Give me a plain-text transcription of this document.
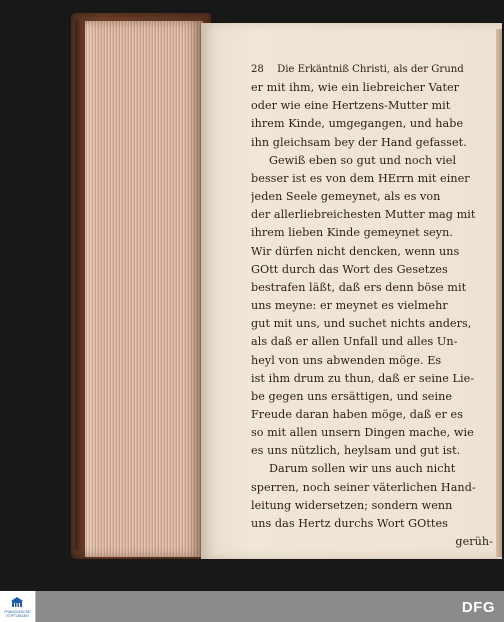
28 Die Erkäntniß Christi, als der Grund
er mit ihm, wie ein liebreicher Vater
oder wie eine Hertzens-Mutter mit
ihrem Kinde, umgegangen, und habe
ihn gleichsam bey der Hand gefasset.
Gewiß eben so gut und noch viel
besser ist es von dem HErrn mit einer
jeden Seele gemeynet, als es von
der allerliebreichesten Mutter mag mit
ihrem lieben Kinde gemeynet seyn.
Wir dürfen nicht dencken, wenn uns
GOtt durch das Wort des Gesetzes
bestrafen läßt, daß ers denn böse mit
uns meyne: er meynet es vielmehr
gut mit uns, und suchet nichts anders,
als daß er allen Unfall und alles Un-
heyl von uns abwenden möge. Es
ist ihm drum zu thun, daß er seine Lie-
be gegen uns ersättigen, und seine
Freude daran haben möge, daß er es
so mit allen unsern Dingen mache, wie
es uns nützlich, heylsam und gut ist.
Darum sollen wir uns auch nicht
sperren, noch seiner väterlichen Hand-
leitung widersetzen; sondern wenn
uns das Hertz durchs Wort GOttes
gerüh-
FRANCKESCHE
STIFTUNGEN	DFG
